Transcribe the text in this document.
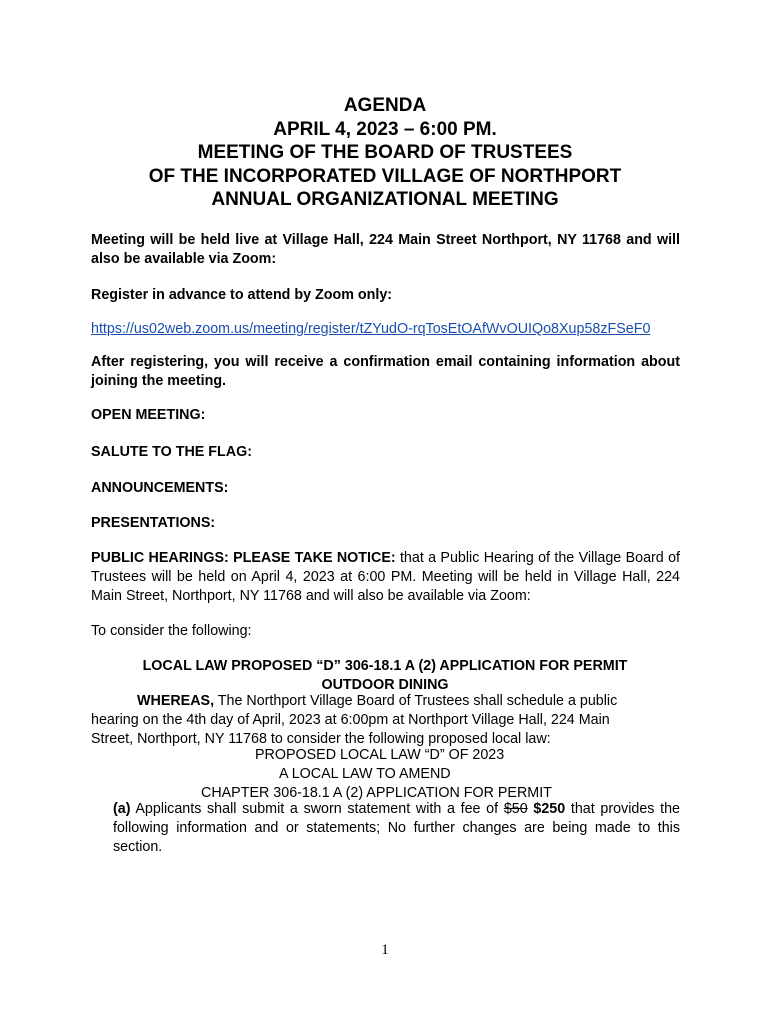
AGENDA
APRIL 4, 2023 – 6:00 PM.
MEETING OF THE BOARD OF TRUSTEES
OF THE INCORPORATED VILLAGE OF NORTHPORT
ANNUAL ORGANIZATIONAL MEETING
Meeting will be held live at Village Hall, 224 Main Street Northport, NY 11768 and will also be available via Zoom:
Register in advance to attend by Zoom only:
https://us02web.zoom.us/meeting/register/tZYudO-rqTosEtOAfWvOUIQo8Xup58zFSeF0
After registering, you will receive a confirmation email containing information about joining the meeting.
OPEN MEETING:
SALUTE TO THE FLAG:
ANNOUNCEMENTS:
PRESENTATIONS:
PUBLIC HEARINGS: PLEASE TAKE NOTICE: that a Public Hearing of the Village Board of Trustees will be held on April 4, 2023 at 6:00 PM. Meeting will be held in Village Hall, 224 Main Street, Northport, NY 11768 and will also be available via Zoom:
To consider the following:
LOCAL LAW PROPOSED “D” 306-18.1 A (2) APPLICATION FOR PERMIT
OUTDOOR DINING
WHEREAS, The Northport Village Board of Trustees shall schedule a public
hearing on the 4th day of April, 2023 at 6:00pm at Northport Village Hall, 224 Main
Street, Northport, NY 11768 to consider the following proposed local law:
PROPOSED LOCAL LAW “D” OF 2023
A LOCAL LAW TO AMEND
CHAPTER 306-18.1 A (2) APPLICATION FOR PERMIT
(a) Applicants shall submit a sworn statement with a fee of $50 $250 that provides the following information and or statements; No further changes are being made to this section.
1
